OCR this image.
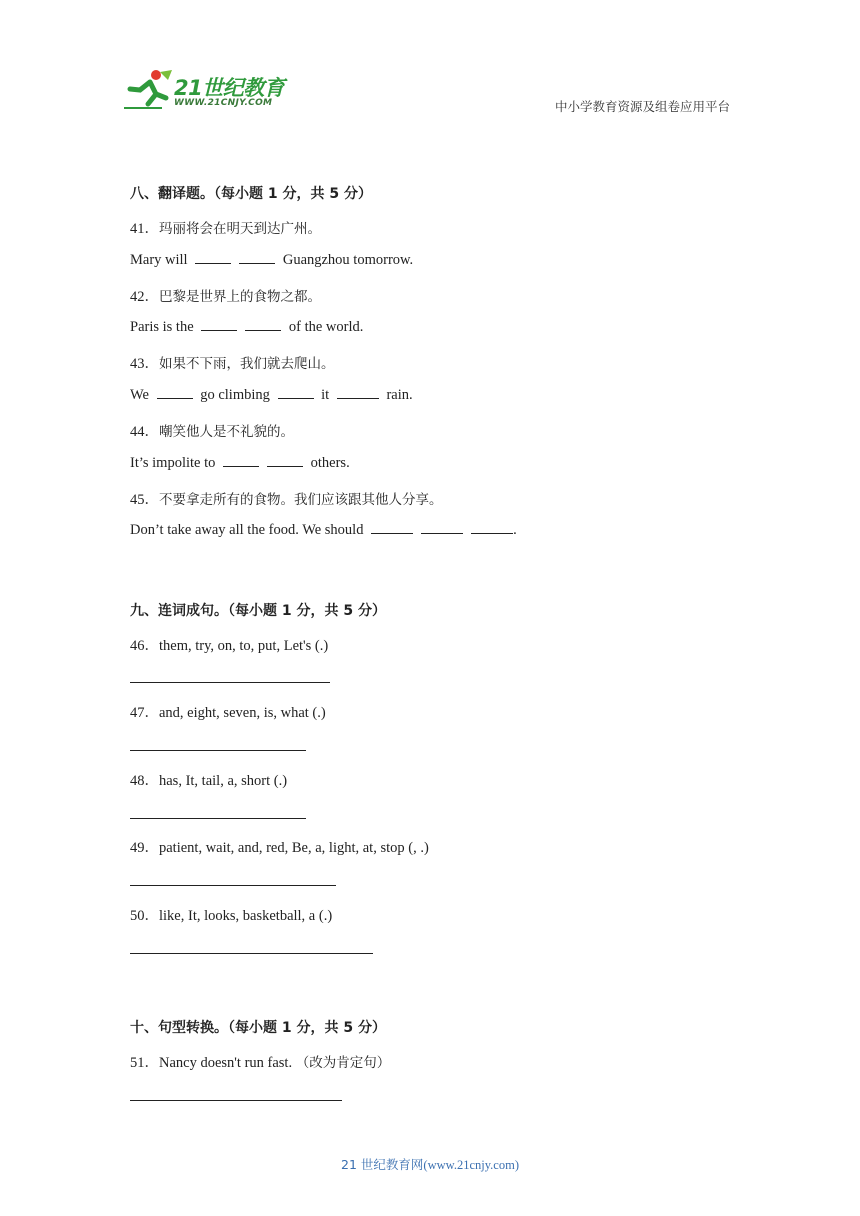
21世纪教育
WWW.21CNJY.COM	中小学教育资源及组卷应用平台
八、翻译题。（每小题 1 分，共 5 分）
41．玛丽将会在明天到达广州。
Mary will	Guangzhou tomorrow.
42．巴黎是世界上的食物之都。
Paris is the	of the world.
43．如果不下雨，我们就去爬山。
We	go climbing	it	rain.
44．嘲笑他人是不礼貌的。
It’s impolite to	others.
45．不要拿走所有的食物。我们应该跟其他人分享。
Don’t take away all the food. We should	.
九、连词成句。（每小题 1 分，共 5 分）
46．them, try, on, to, put, Let's (.)
47．and, eight, seven, is, what (.)
48．has, It, tail, a, short (.)
49．patient, wait, and, red, Be, a, light, at, stop (, .)
50．like, It, looks, basketball, a (.)
十、句型转换。（每小题 1 分，共 5 分）
51．Nancy doesn't run fast. （改为肯定句）
21 世纪教育网(www.21cnjy.com)
